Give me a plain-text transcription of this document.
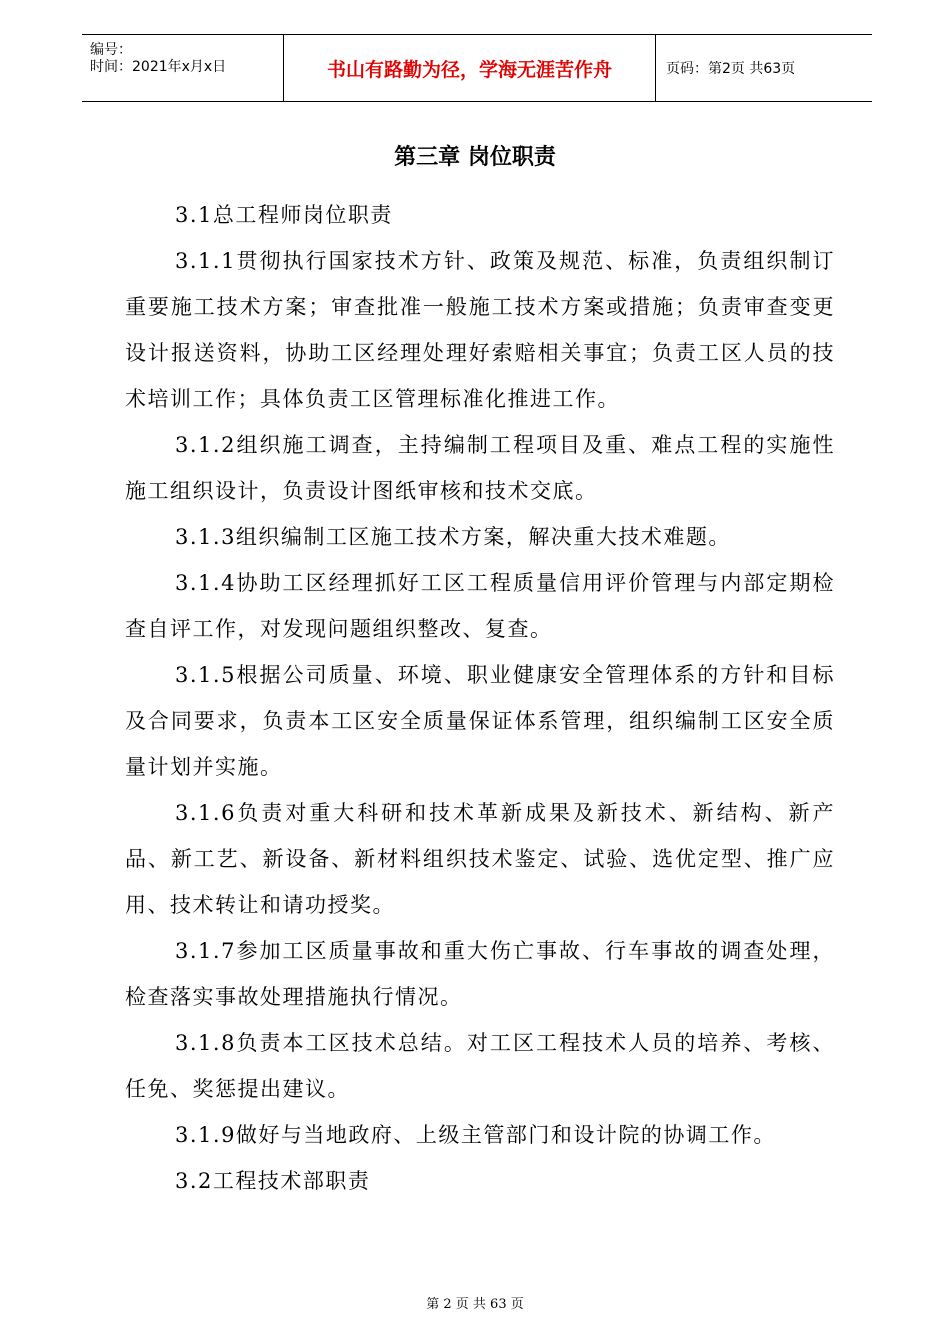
编号：
时间：2021年x月x日	书山有路勤为径，学海无涯苦作舟	页码：第2页 共63页
第三章 岗位职责

3.1总工程师岗位职责

3.1.1贯彻执行国家技术方针、政策及规范、标准，负责组织制订重要施工技术方案；审查批准一般施工技术方案或措施；负责审查变更设计报送资料，协助工区经理处理好索赔相关事宜；负责工区人员的技术培训工作；具体负责工区管理标准化推进工作。

3.1.2组织施工调查，主持编制工程项目及重、难点工程的实施性施工组织设计，负责设计图纸审核和技术交底。

3.1.3组织编制工区施工技术方案，解决重大技术难题。

3.1.4协助工区经理抓好工区工程质量信用评价管理与内部定期检查自评工作，对发现问题组织整改、复查。

3.1.5根据公司质量、环境、职业健康安全管理体系的方针和目标及合同要求，负责本工区安全质量保证体系管理，组织编制工区安全质量计划并实施。

3.1.6负责对重大科研和技术革新成果及新技术、新结构、新产品、新工艺、新设备、新材料组织技术鉴定、试验、选优定型、推广应用、技术转让和请功授奖。

3.1.7参加工区质量事故和重大伤亡事故、行车事故的调查处理，检查落实事故处理措施执行情况。

3.1.8负责本工区技术总结。对工区工程技术人员的培养、考核、任免、奖惩提出建议。

3.1.9做好与当地政府、上级主管部门和设计院的协调工作。

3.2工程技术部职责

第 2 页 共 63 页
